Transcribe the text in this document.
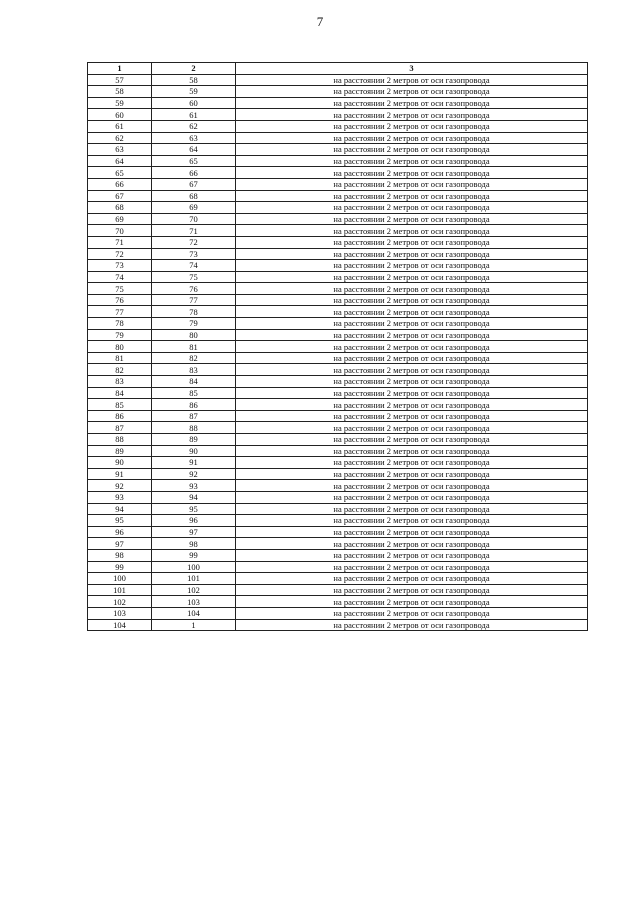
7
1	2	3
57	58	на расстоянии 2 метров от оси газопровода
58	59	на расстоянии 2 метров от оси газопровода
59	60	на расстоянии 2 метров от оси газопровода
60	61	на расстоянии 2 метров от оси газопровода
61	62	на расстоянии 2 метров от оси газопровода
62	63	на расстоянии 2 метров от оси газопровода
63	64	на расстоянии 2 метров от оси газопровода
64	65	на расстоянии 2 метров от оси газопровода
65	66	на расстоянии 2 метров от оси газопровода
66	67	на расстоянии 2 метров от оси газопровода
67	68	на расстоянии 2 метров от оси газопровода
68	69	на расстоянии 2 метров от оси газопровода
69	70	на расстоянии 2 метров от оси газопровода
70	71	на расстоянии 2 метров от оси газопровода
71	72	на расстоянии 2 метров от оси газопровода
72	73	на расстоянии 2 метров от оси газопровода
73	74	на расстоянии 2 метров от оси газопровода
74	75	на расстоянии 2 метров от оси газопровода
75	76	на расстоянии 2 метров от оси газопровода
76	77	на расстоянии 2 метров от оси газопровода
77	78	на расстоянии 2 метров от оси газопровода
78	79	на расстоянии 2 метров от оси газопровода
79	80	на расстоянии 2 метров от оси газопровода
80	81	на расстоянии 2 метров от оси газопровода
81	82	на расстоянии 2 метров от оси газопровода
82	83	на расстоянии 2 метров от оси газопровода
83	84	на расстоянии 2 метров от оси газопровода
84	85	на расстоянии 2 метров от оси газопровода
85	86	на расстоянии 2 метров от оси газопровода
86	87	на расстоянии 2 метров от оси газопровода
87	88	на расстоянии 2 метров от оси газопровода
88	89	на расстоянии 2 метров от оси газопровода
89	90	на расстоянии 2 метров от оси газопровода
90	91	на расстоянии 2 метров от оси газопровода
91	92	на расстоянии 2 метров от оси газопровода
92	93	на расстоянии 2 метров от оси газопровода
93	94	на расстоянии 2 метров от оси газопровода
94	95	на расстоянии 2 метров от оси газопровода
95	96	на расстоянии 2 метров от оси газопровода
96	97	на расстоянии 2 метров от оси газопровода
97	98	на расстоянии 2 метров от оси газопровода
98	99	на расстоянии 2 метров от оси газопровода
99	100	на расстоянии 2 метров от оси газопровода
100	101	на расстоянии 2 метров от оси газопровода
101	102	на расстоянии 2 метров от оси газопровода
102	103	на расстоянии 2 метров от оси газопровода
103	104	на расстоянии 2 метров от оси газопровода
104	1	на расстоянии 2 метров от оси газопровода
